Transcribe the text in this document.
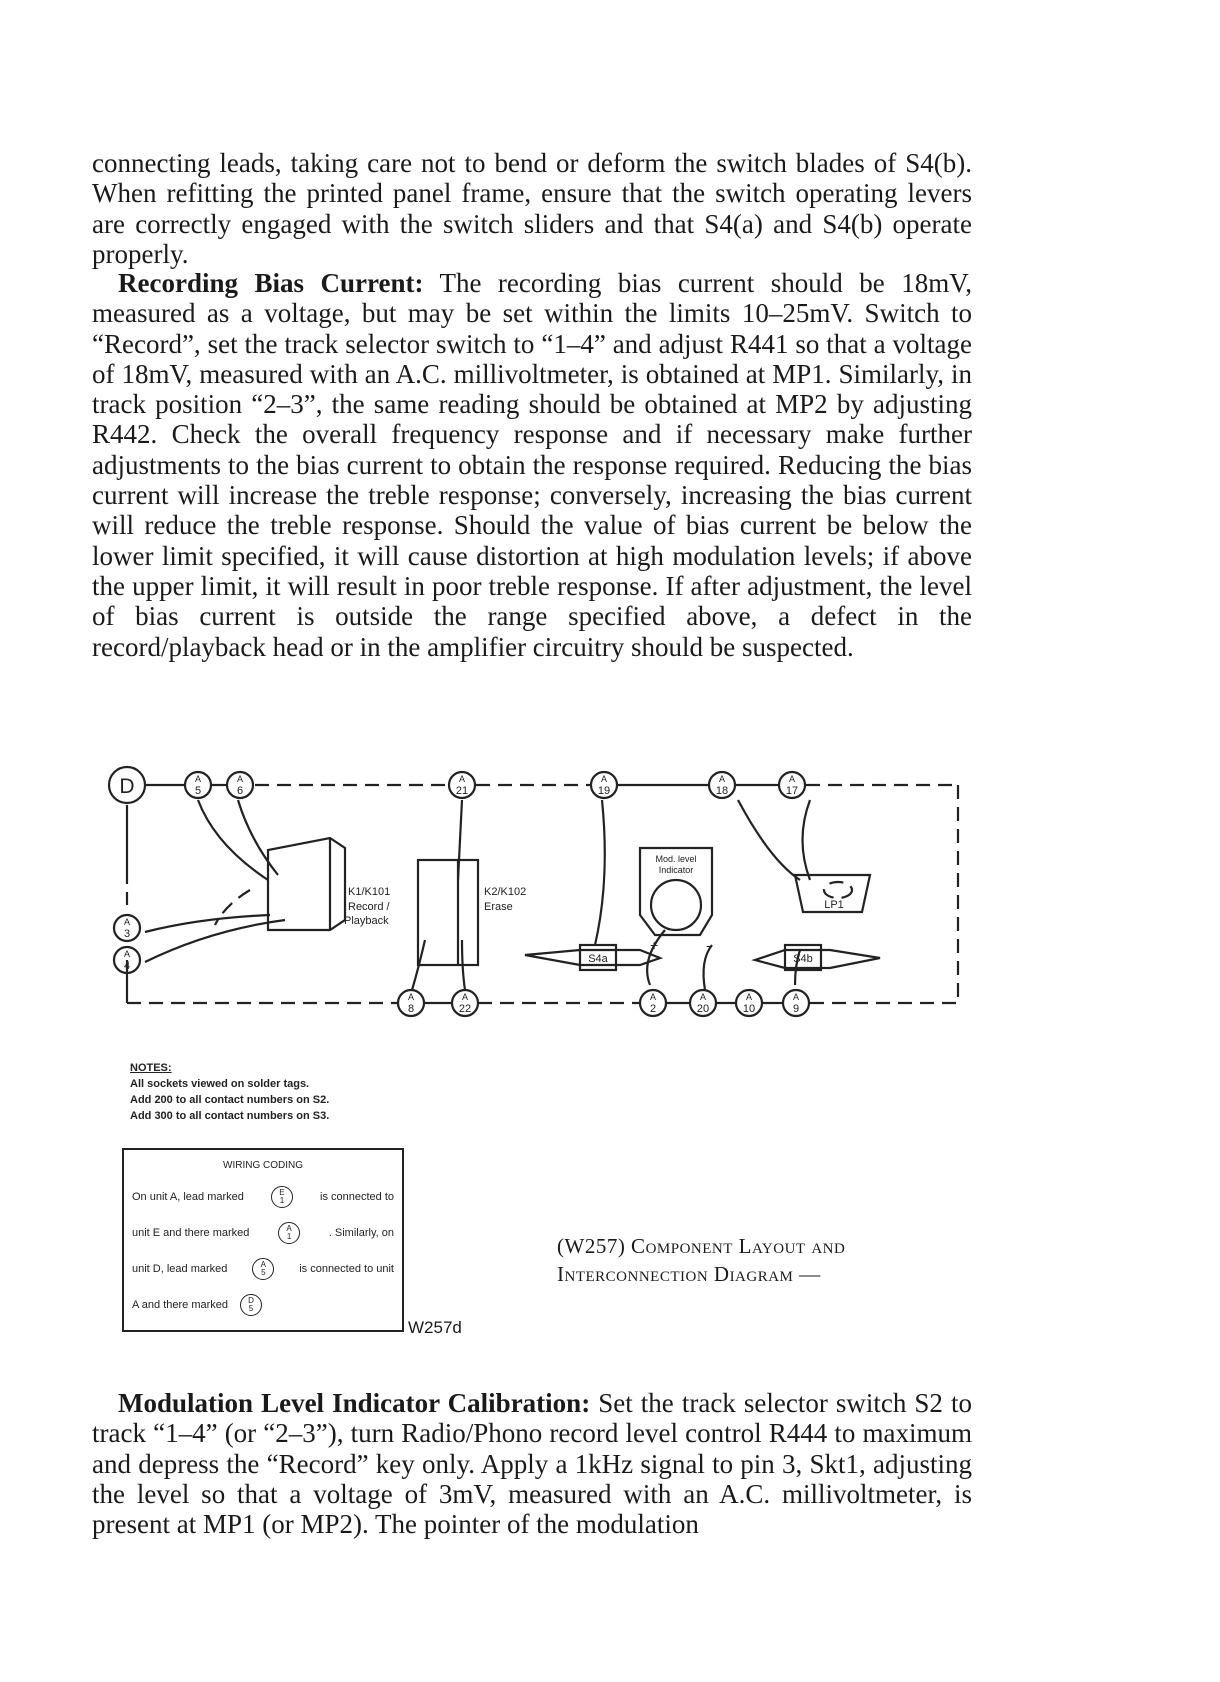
connecting leads, taking care not to bend or deform the switch blades of S4(b). When refitting the printed panel frame, ensure that the switch operating levers are correctly engaged with the switch sliders and that S4(a) and S4(b) operate properly.

Recording Bias Current: The recording bias current should be 18mV, measured as a voltage, but may be set within the limits 10–25mV. Switch to “Record”, set the track selector switch to “1–4” and adjust R441 so that a voltage of 18mV, measured with an A.C. millivoltmeter, is obtained at MP1. Similarly, in track position “2–3”, the same reading should be obtained at MP2 by adjusting R442. Check the overall frequency response and if necessary make further adjustments to the bias current to obtain the response required. Reducing the bias current will increase the treble response; conversely, increasing the bias current will reduce the treble response. Should the value of bias current be below the lower limit specified, it will cause distortion at high modulation levels; if above the upper limit, it will result in poor treble response. If after adjustment, the level of bias current is outside the range specified above, a defect in the record/playback head or in the amplifier circuitry should be suspected.

D	A
5
A
6
A
21
A
19
A
18
A
17
A
3
A
4
A
8
A
22
A
2
A
20
A
10
A
9
K1/K101
Record /
Playback
K2/K102
Erase
Mod. level
Indicator
S4a	S4b
LP1
+	-
NOTES:
All sockets viewed on solder tags.
Add 200 to all contact numbers on S2.
Add 300 to all contact numbers on S3.
WIRING CODING
On unit A, lead marked	E
1	is connected to
unit E and there marked	A
1	. Similarly, on
unit D, lead marked	A
5	is connected to unit
A and there marked	D
5
(W257) Component Layout and
Interconnection Diagram —
W257d

Modulation Level Indicator Calibration: Set the track selector switch S2 to track “1–4” (or “2–3”), turn Radio/Phono record level control R444 to maximum and depress the “Record” key only. Apply a 1kHz signal to pin 3, Skt1, adjusting the level so that a voltage of 3mV, measured with an A.C. millivoltmeter, is present at MP1 (or MP2). The pointer of the modulation
